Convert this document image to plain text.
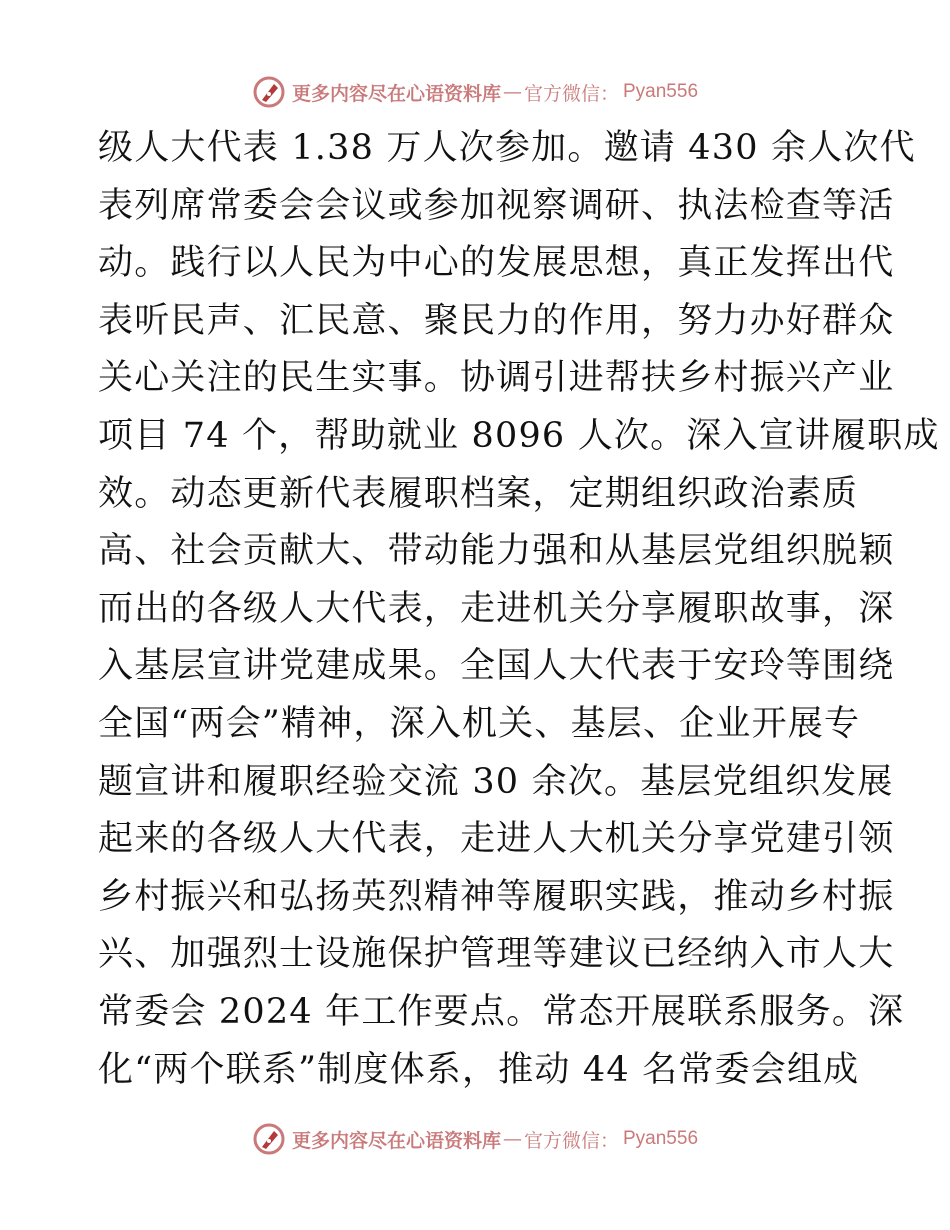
更多内容尽在心语资料库 — 官方微信： Pyan556
级人大代表 1.38 万人次参加。邀请 430 余人次代
表列席常委会会议或参加视察调研、执法检查等活
动。践行以人民为中心的发展思想，真正发挥出代
表听民声、汇民意、聚民力的作用，努力办好群众
关心关注的民生实事。协调引进帮扶乡村振兴产业
项目 74 个，帮助就业 8096 人次。深入宣讲履职成
效。动态更新代表履职档案，定期组织政治素质
高、社会贡献大、带动能力强和从基层党组织脱颖
而出的各级人大代表，走进机关分享履职故事，深
入基层宣讲党建成果。全国人大代表于安玲等围绕
全国“两会”精神，深入机关、基层、企业开展专
题宣讲和履职经验交流 30 余次。基层党组织发展
起来的各级人大代表，走进人大机关分享党建引领
乡村振兴和弘扬英烈精神等履职实践，推动乡村振
兴、加强烈士设施保护管理等建议已经纳入市人大
常委会 2024 年工作要点。常态开展联系服务。深
化“两个联系”制度体系，推动 44 名常委会组成
更多内容尽在心语资料库 — 官方微信： Pyan556
